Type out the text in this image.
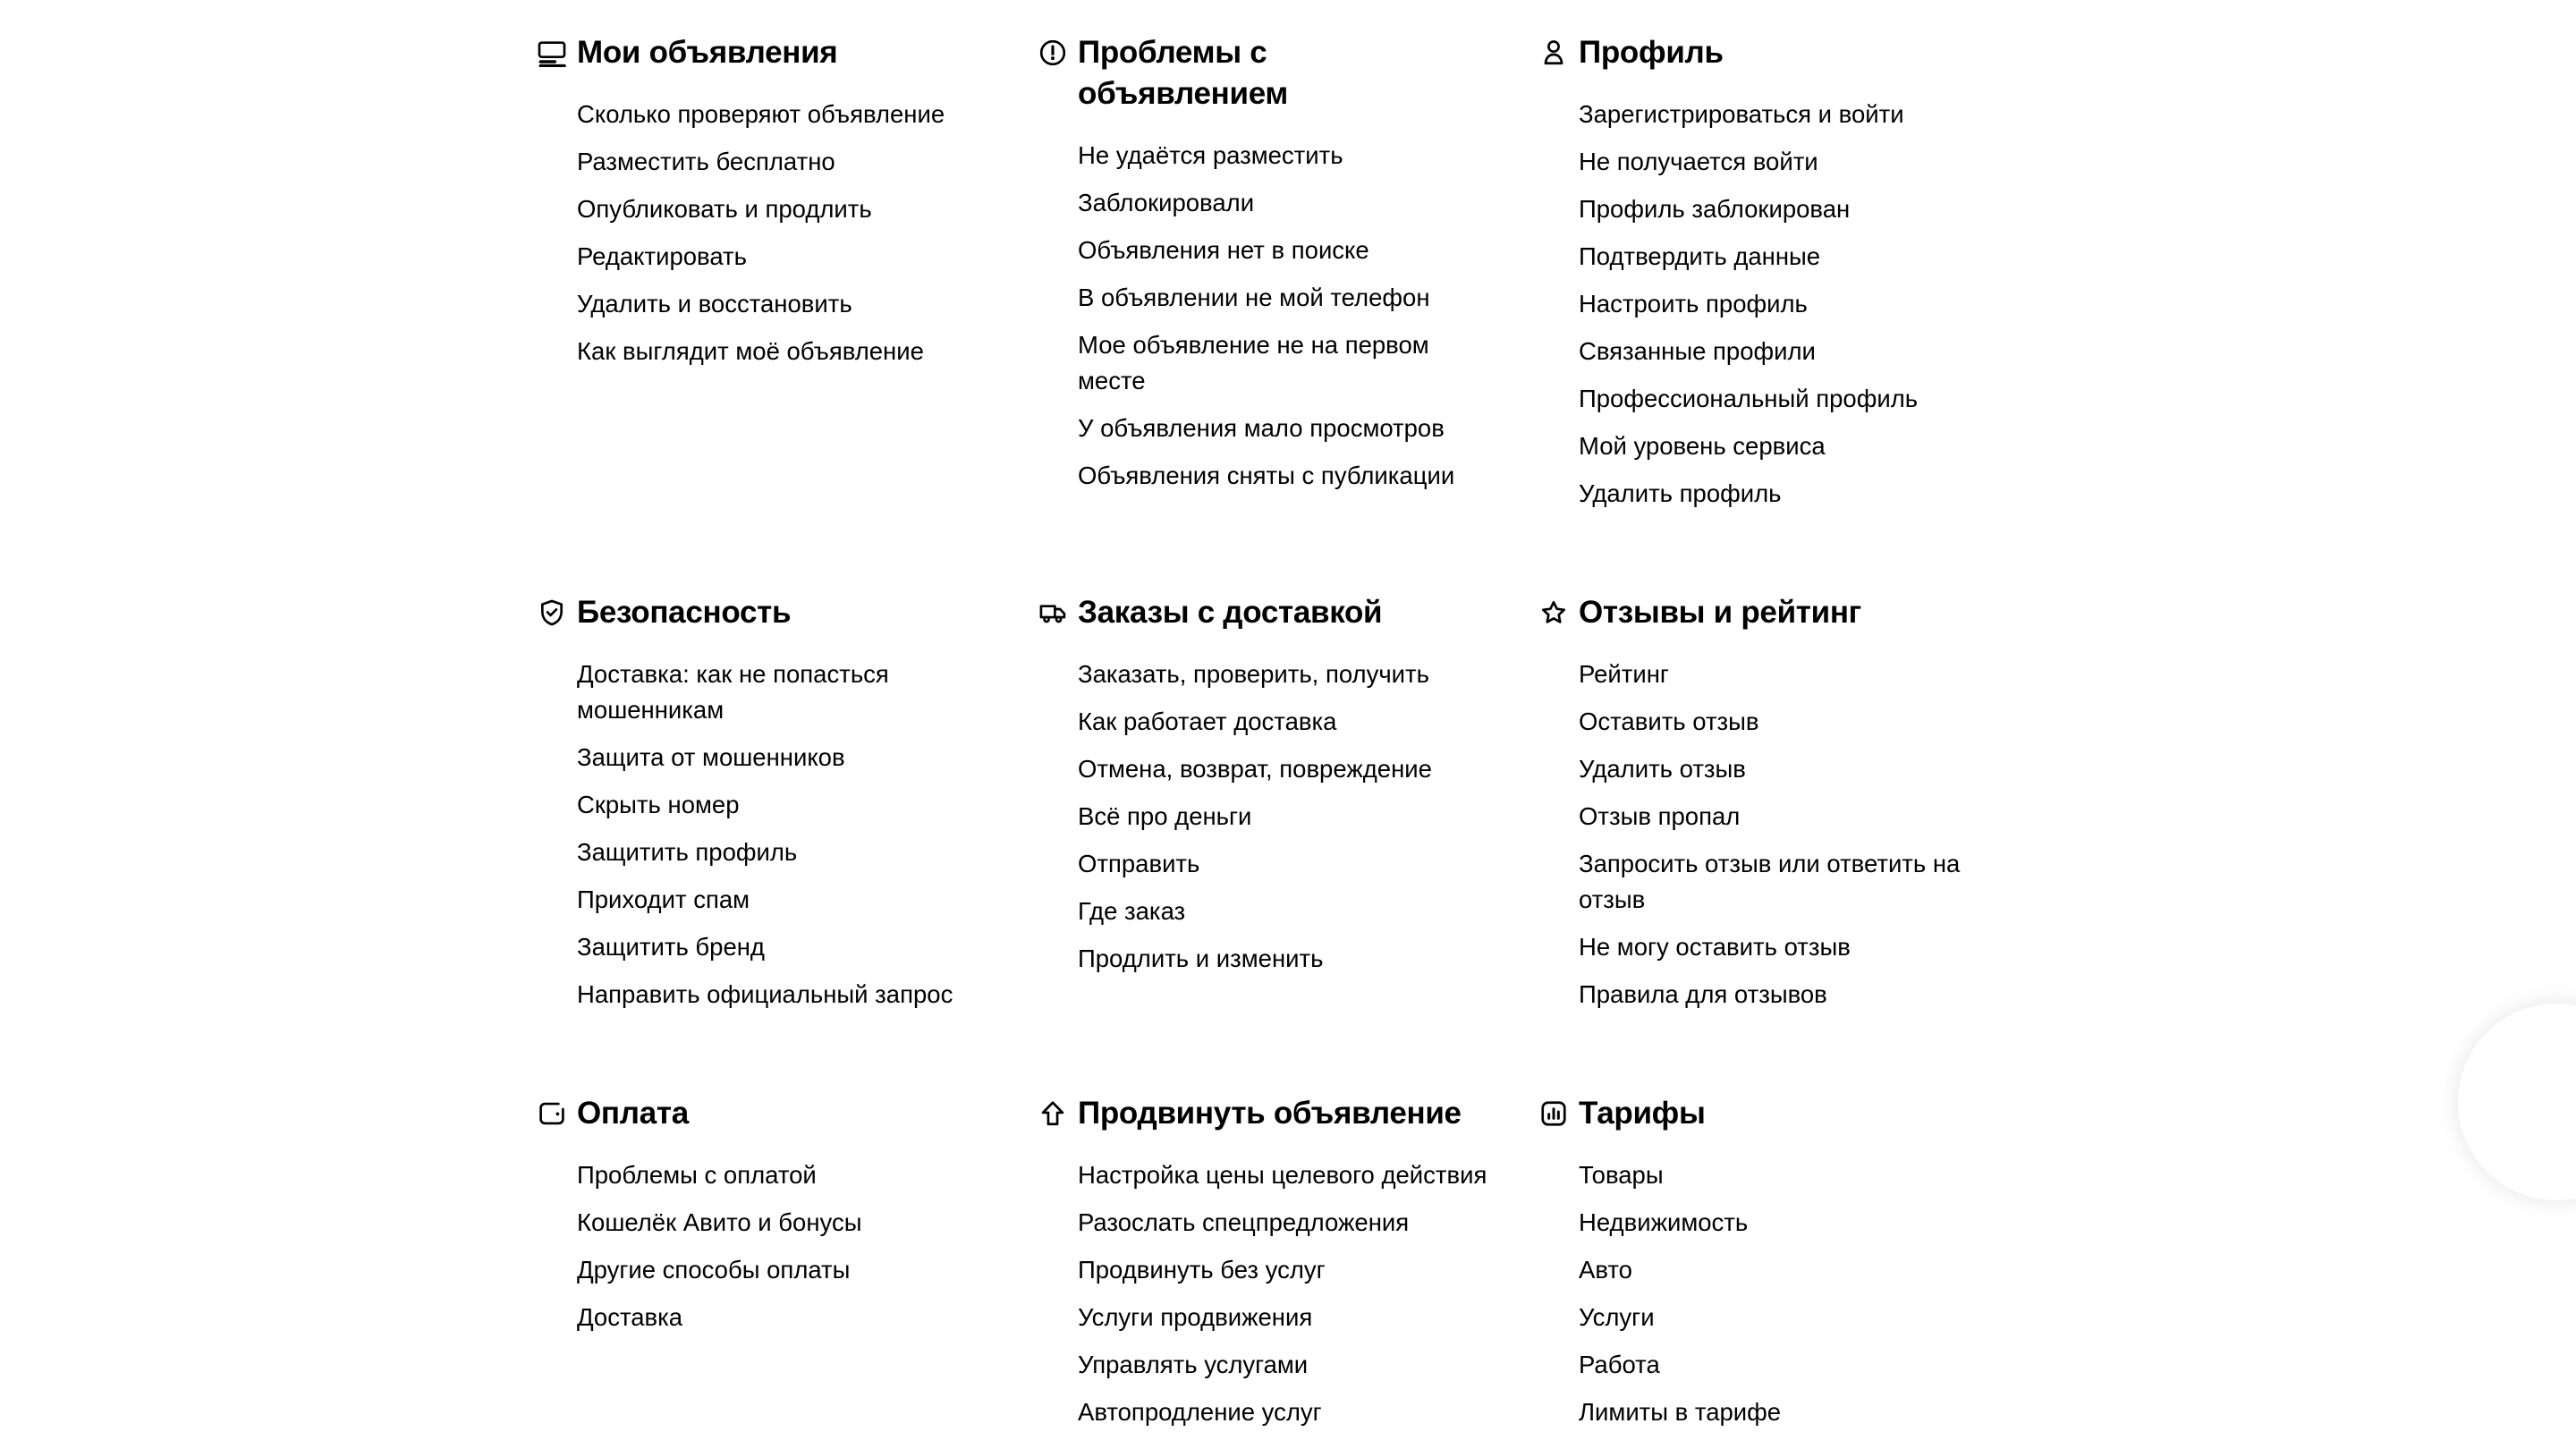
Мои объявления
Сколько проверяют объявление
Разместить бесплатно
Опубликовать и продлить
Редактировать
Удалить и восстановить
Как выглядит моё объявление
Проблемы с объявлением
Не удаётся разместить
Заблокировали
Объявления нет в поиске
В объявлении не мой телефон
Мое объявление не на первом месте
У объявления мало просмотров
Объявления сняты с публикации
Профиль
Зарегистрироваться и войти
Не получается войти
Профиль заблокирован
Подтвердить данные
Настроить профиль
Связанные профили
Профессиональный профиль
Мой уровень сервиса
Удалить профиль
Безопасность
Доставка: как не попасться мошенникам
Защита от мошенников
Скрыть номер
Защитить профиль
Приходит спам
Защитить бренд
Направить официальный запрос
Заказы с доставкой
Заказать, проверить, получить
Как работает доставка
Отмена, возврат, повреждение
Всё про деньги
Отправить
Где заказ
Продлить и изменить
Отзывы и рейтинг
Рейтинг
Оставить отзыв
Удалить отзыв
Отзыв пропал
Запросить отзыв или ответить на отзыв
Не могу оставить отзыв
Правила для отзывов
Оплата
Проблемы с оплатой
Кошелёк Авито и бонусы
Другие способы оплаты
Доставка
Продвинуть объявление
Настройка цены целевого действия
Разослать спецпредложения
Продвинуть без услуг
Услуги продвижения
Управлять услугами
Автопродление услуг
Тарифы
Товары
Недвижимость
Авто
Услуги
Работа
Лимиты в тарифе
